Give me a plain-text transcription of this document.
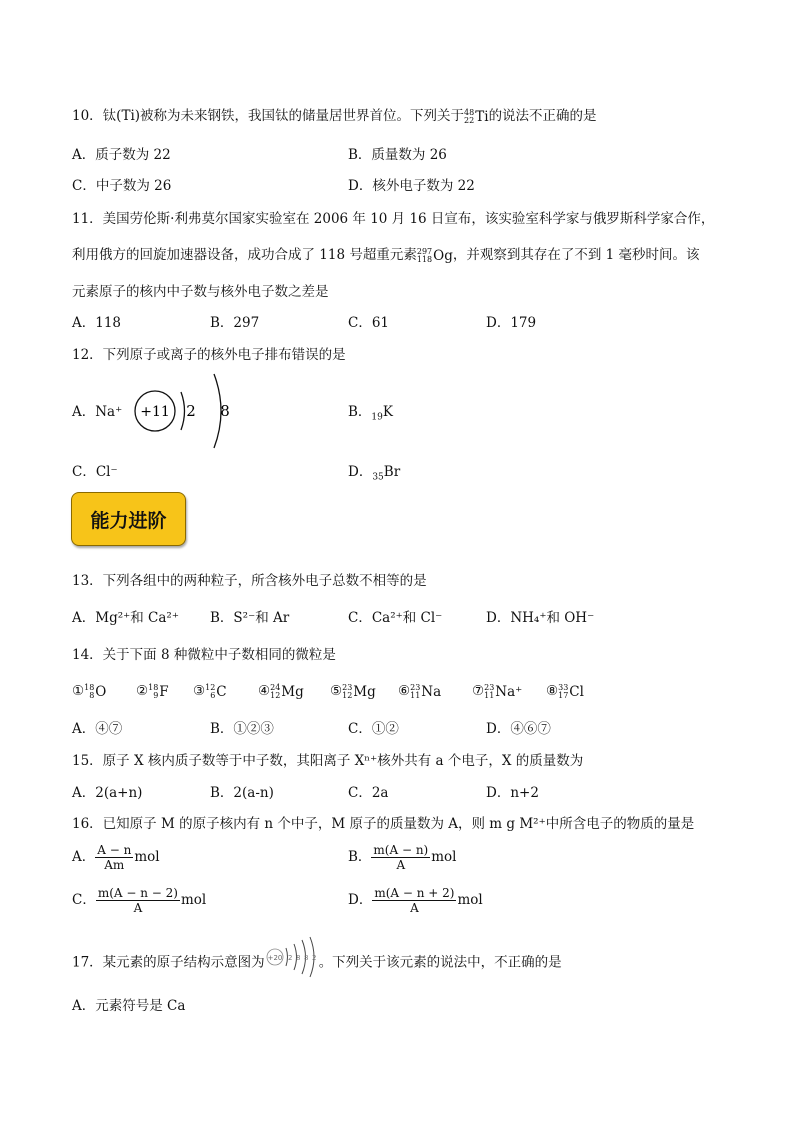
10．钛(Ti)被称为未来钢铁，我国钛的储量居世界首位。下列关于 48
22 Ti 的说法不正确的是
A．质子数为 22	B．质量数为 26
C．中子数为 26	D．核外电子数为 22
11．美国劳伦斯·利弗莫尔国家实验室在 2006 年 10 月 16 日宣布，该实验室科学家与俄罗斯科学家合作，
利用俄方的回旋加速器设备，成功合成了 118 号超重元素 297
118 Og ，并观察到其存在了不到 1 毫秒时间。该
元素原子的核内中子数与核外电子数之差是
A．118	B．297	C．61	D．179
12．下列原子或离子的核外电子排布错误的是
A．Na⁺ +11 2 8	B．$_{19}$K
C．Cl⁻	D．$_{35}$Br
能力进阶
13．下列各组中的两种粒子，所含核外电子总数不相等的是
A．Mg²⁺和 Ca²⁺ B．S²⁻和 Ar	C．Ca²⁺和 Cl⁻	D．NH₄⁺和 OH⁻
14．关于下面 8 种微粒中子数相同的微粒是
① 18
8 O ② 18
9 F ③ 12
6 C ④ 24
12 Mg ⑤ 23
12 Mg ⑥ 23
11 Na ⑦ 23
11 Na⁺ ⑧ 33
17 Cl
A．④⑦	B．①②③	C．①②	D．④⑥⑦
15．原子 X 核内质子数等于中子数，其阳离子 Xⁿ⁺核外共有 a 个电子，X 的质量数为
A．2(a+n)	B．2(a-n)	C．2a	D．n+2
16．已知原子 M 的原子核内有 n 个中子，M 原子的质量数为 A，则 m g M²⁺中所含电子的物质的量是
A． $\frac{A - n}{Am}$ mol	B． $\frac{m(A - n)}{A}$ mol
C． $\frac{m(A - n - 2)}{A}$ mol	D． $\frac{m(A - n + 2)}{A}$ mol
17．某元素的原子结构示意图为 +20 2 8 8 2 。下列关于该元素的说法中，不正确的是
A．元素符号是 Ca
